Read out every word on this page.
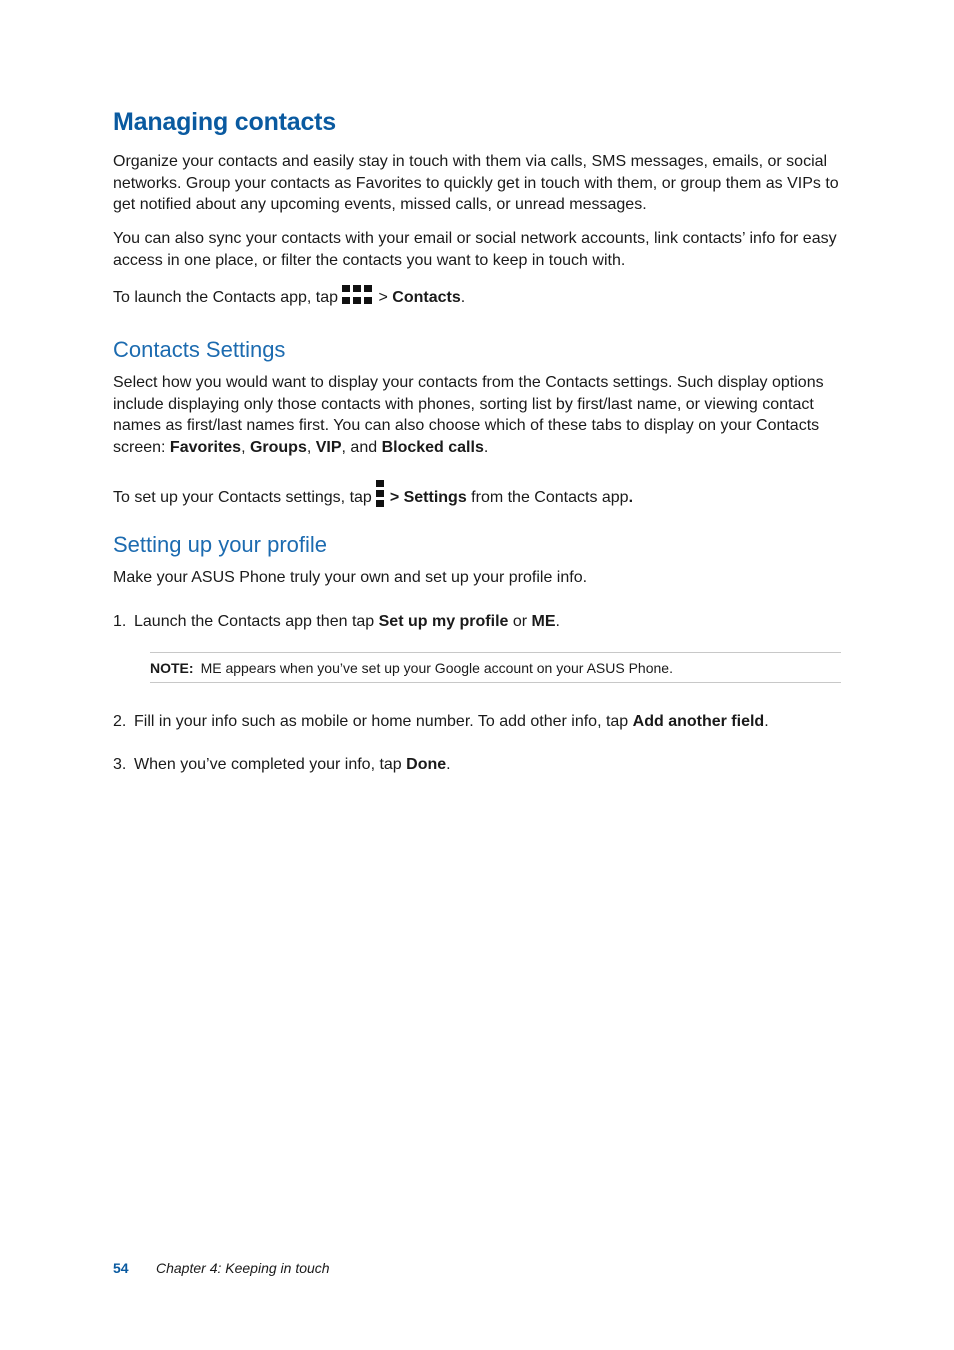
Managing contacts

Organize your contacts and easily stay in touch with them via calls, SMS messages, emails, or social networks. Group your contacts as Favorites to quickly get in touch with them, or group them as VIPs to get notified about any upcoming events, missed calls, or unread messages.

You can also sync your contacts with your email or social network accounts, link contacts’ info for easy access in one place, or filter the contacts you want to keep in touch with.

To launch the Contacts app, tap	> Contacts.

Contacts Settings

Select how you would want to display your contacts from the Contacts settings. Such display options include displaying only those contacts with phones, sorting list by first/last name, or viewing contact names as first/last names first. You can also choose which of these tabs to display on your Contacts screen: Favorites, Groups, VIP, and Blocked calls.

To set up your Contacts settings, tap > Settings from the Contacts app.

Setting up your profile

Make your ASUS Phone truly your own and set up your profile info.

1. Launch the Contacts app then tap Set up my profile or ME.
NOTE: ME appears when you’ve set up your Google account on your ASUS Phone.
2. Fill in your info such as mobile or home number. To add other info, tap Add another field.
3. When you’ve completed your info, tap Done.
54 Chapter 4: Keeping in touch
